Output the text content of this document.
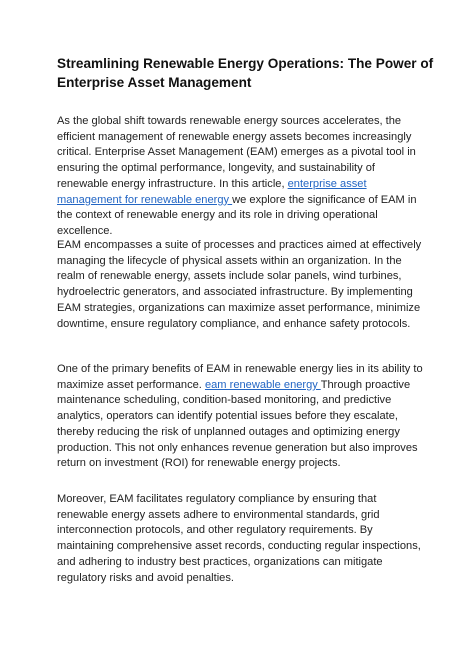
Streamlining Renewable Energy Operations: The Power of Enterprise Asset Management

As the global shift towards renewable energy sources accelerates, the efficient management of renewable energy assets becomes increasingly critical. Enterprise Asset Management (EAM) emerges as a pivotal tool in ensuring the optimal performance, longevity, and sustainability of renewable energy infrastructure. In this article, enterprise asset management for renewable energy we explore the significance of EAM in the context of renewable energy and its role in driving operational excellence.

EAM encompasses a suite of processes and practices aimed at effectively managing the lifecycle of physical assets within an organization. In the realm of renewable energy, assets include solar panels, wind turbines, hydroelectric generators, and associated infrastructure. By implementing EAM strategies, organizations can maximize asset performance, minimize downtime, ensure regulatory compliance, and enhance safety protocols.

One of the primary benefits of EAM in renewable energy lies in its ability to maximize asset performance. eam renewable energy Through proactive maintenance scheduling, condition-based monitoring, and predictive analytics, operators can identify potential issues before they escalate, thereby reducing the risk of unplanned outages and optimizing energy production. This not only enhances revenue generation but also improves return on investment (ROI) for renewable energy projects.

Moreover, EAM facilitates regulatory compliance by ensuring that renewable energy assets adhere to environmental standards, grid interconnection protocols, and other regulatory requirements. By maintaining comprehensive asset records, conducting regular inspections, and adhering to industry best practices, organizations can mitigate regulatory risks and avoid penalties.
